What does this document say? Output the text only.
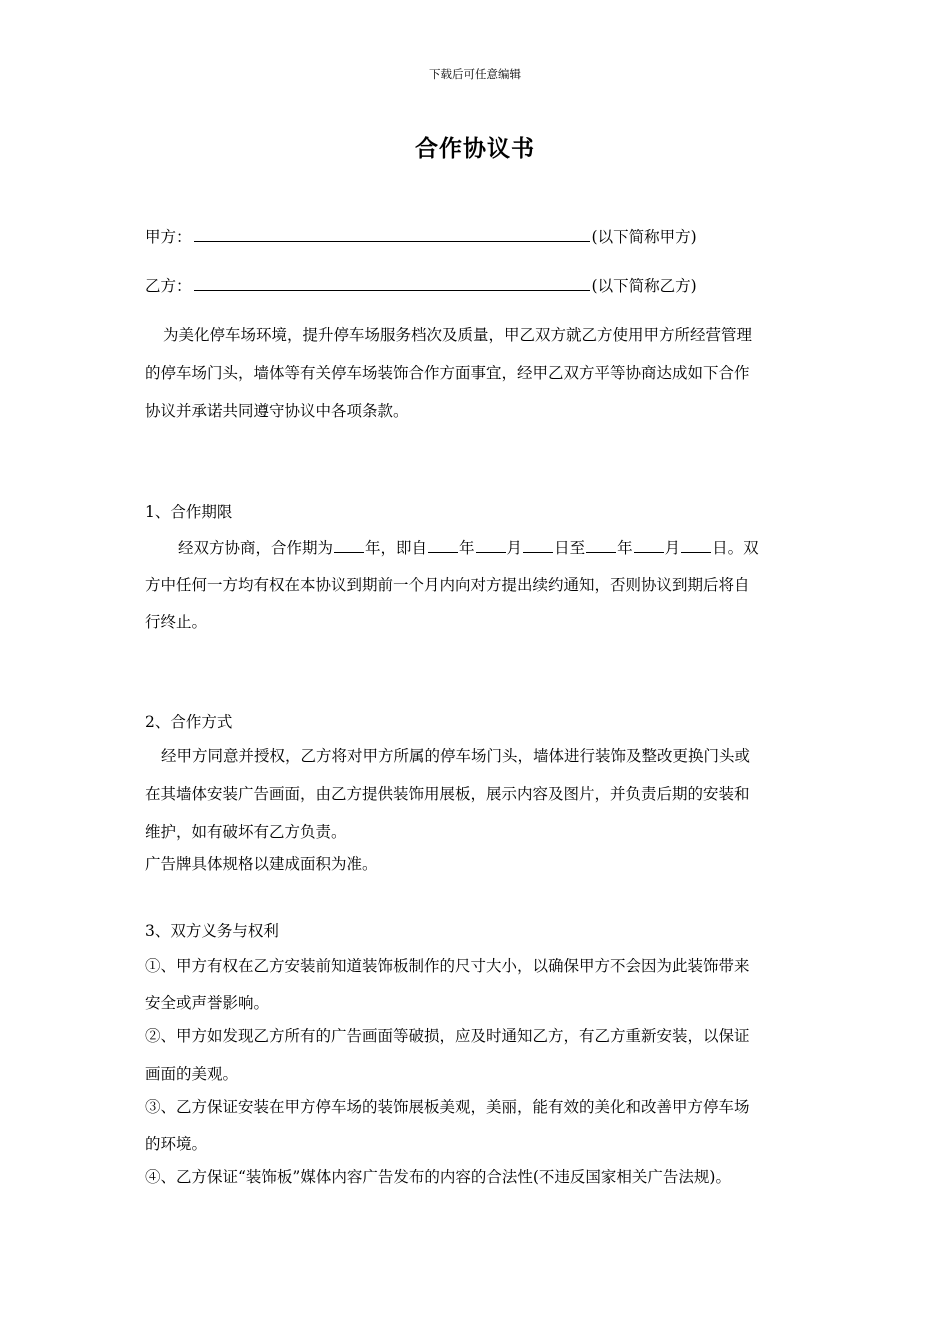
下载后可任意编辑
合作协议书
甲方：	(以下简称甲方)
乙方：	(以下简称乙方)
为美化停车场环境，提升停车场服务档次及质量，甲乙双方就乙方使用甲方所经营管理
的停车场门头，墙体等有关停车场装饰合作方面事宜，经甲乙双方平等协商达成如下合作
协议并承诺共同遵守协议中各项条款。
1、合作期限
经双方协商，合作期为 年，即自 年 月 日至 年 月 日。双
方中任何一方均有权在本协议到期前一个月内向对方提出续约通知，否则协议到期后将自
行终止。
2、合作方式
经甲方同意并授权，乙方将对甲方所属的停车场门头，墙体进行装饰及整改更换门头或
在其墙体安装广告画面，由乙方提供装饰用展板，展示内容及图片，并负责后期的安装和
维护，如有破坏有乙方负责。
广告牌具体规格以建成面积为准。
3、双方义务与权利
①、甲方有权在乙方安装前知道装饰板制作的尺寸大小，以确保甲方不会因为此装饰带来
安全或声誉影响。
②、甲方如发现乙方所有的广告画面等破损，应及时通知乙方，有乙方重新安装，以保证
画面的美观。
③、乙方保证安装在甲方停车场的装饰展板美观，美丽，能有效的美化和改善甲方停车场
的环境。
④、乙方保证“装饰板”媒体内容广告发布的内容的合法性(不违反国家相关广告法规)。
